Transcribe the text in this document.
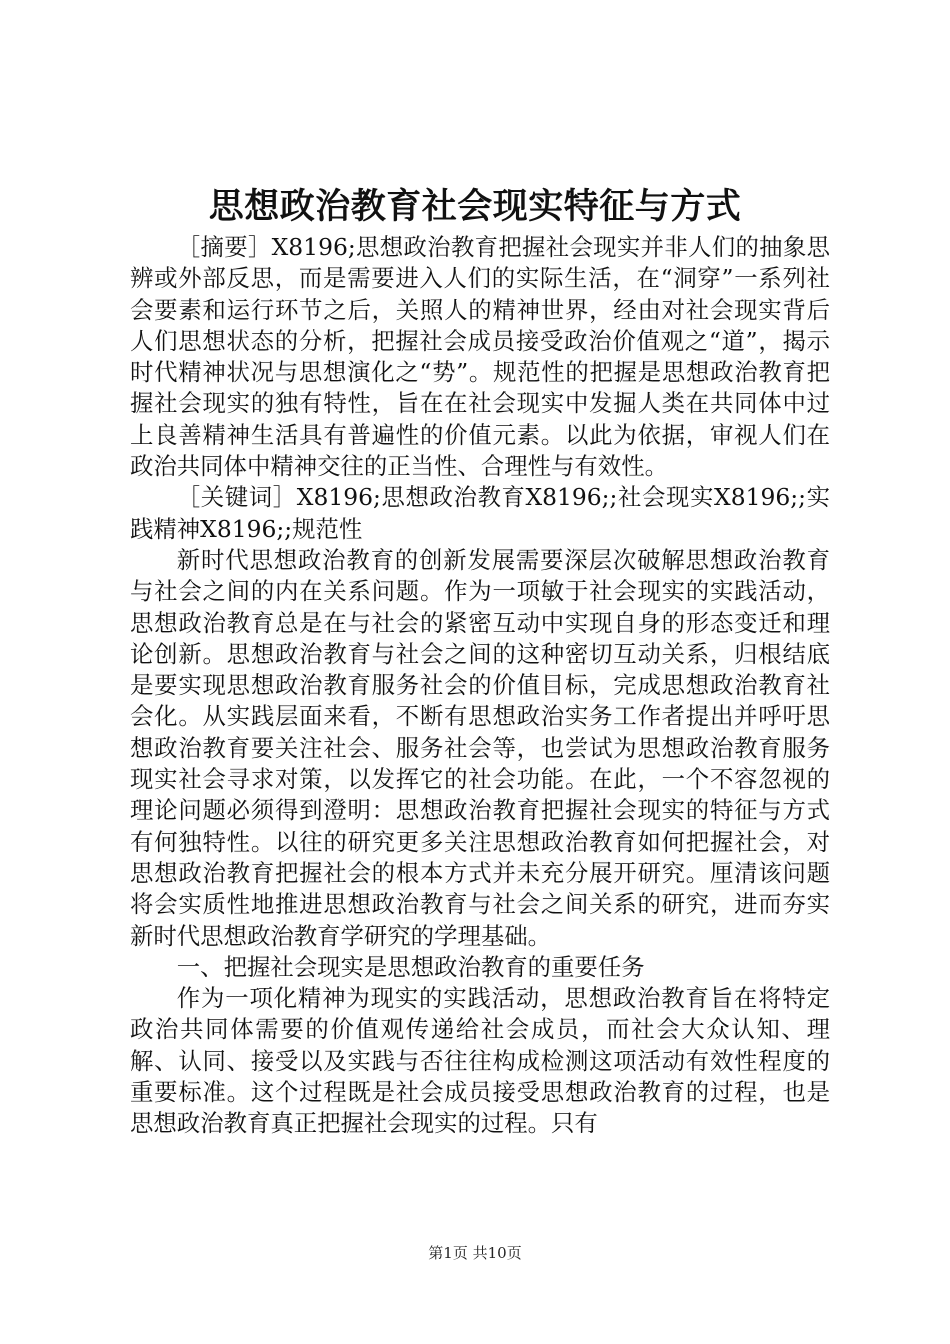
思想政治教育社会现实特征与方式

［摘要］X8196;思想政治教育把握社会现实并非人们的抽象思辨或外部反思，而是需要进入人们的实际生活，在“洞穿”一系列社会要素和运行环节之后，关照人的精神世界，经由对社会现实背后人们思想状态的分析，把握社会成员接受政治价值观之“道”，揭示时代精神状况与思想演化之“势”。规范性的把握是思想政治教育把握社会现实的独有特性，旨在在社会现实中发掘人类在共同体中过上良善精神生活具有普遍性的价值元素。以此为依据，审视人们在政治共同体中精神交往的正当性、合理性与有效性。

［关键词］X8196;思想政治教育X8196;;社会现实X8196;;实践精神X8196;;规范性

新时代思想政治教育的创新发展需要深层次破解思想政治教育与社会之间的内在关系问题。作为一项敏于社会现实的实践活动，思想政治教育总是在与社会的紧密互动中实现自身的形态变迁和理论创新。思想政治教育与社会之间的这种密切互动关系，归根结底是要实现思想政治教育服务社会的价值目标，完成思想政治教育社会化。从实践层面来看，不断有思想政治实务工作者提出并呼吁思想政治教育要关注社会、服务社会等，也尝试为思想政治教育服务现实社会寻求对策，以发挥它的社会功能。在此，一个不容忽视的理论问题必须得到澄明：思想政治教育把握社会现实的特征与方式有何独特性。以往的研究更多关注思想政治教育如何把握社会，对思想政治教育把握社会的根本方式并未充分展开研究。厘清该问题将会实质性地推进思想政治教育与社会之间关系的研究，进而夯实新时代思想政治教育学研究的学理基础。

一、把握社会现实是思想政治教育的重要任务

作为一项化精神为现实的实践活动，思想政治教育旨在将特定政治共同体需要的价值观传递给社会成员，而社会大众认知、理解、认同、接受以及实践与否往往构成检测这项活动有效性程度的重要标准。这个过程既是社会成员接受思想政治教育的过程，也是思想政治教育真正把握社会现实的过程。只有

第1页 共10页
